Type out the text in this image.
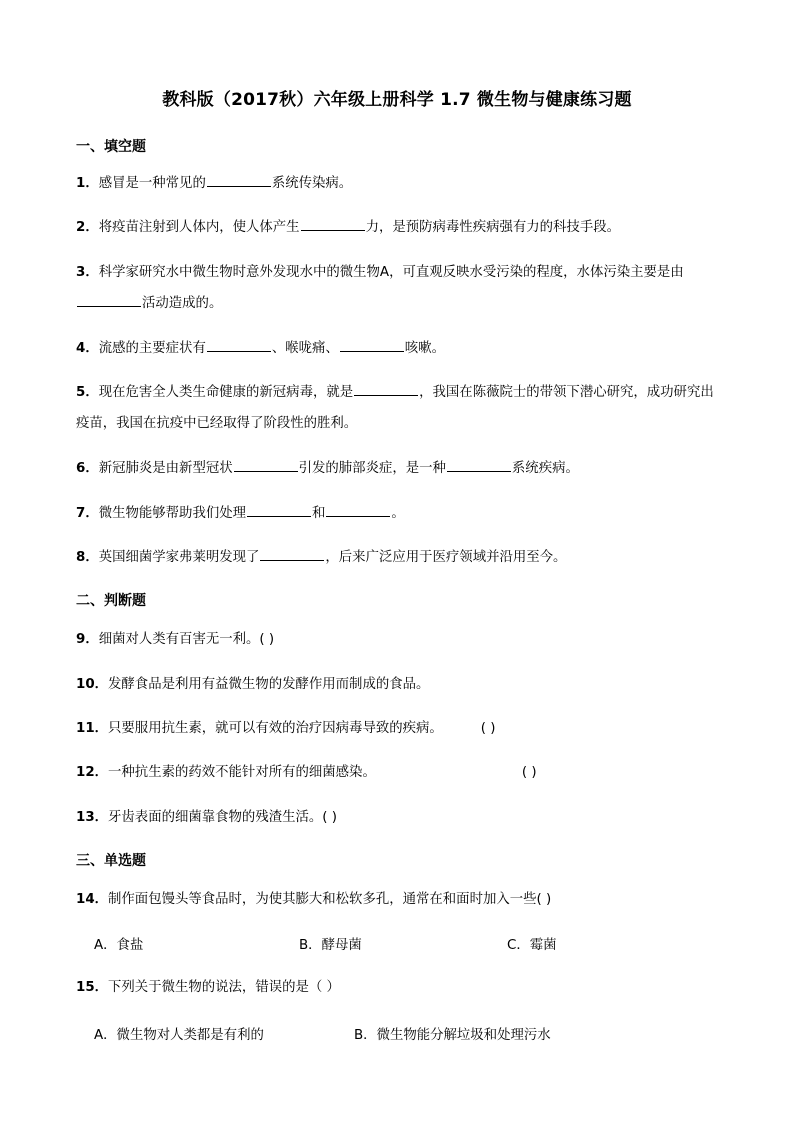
教科版（2017秋）六年级上册科学 1.7 微生物与健康练习题
一、填空题
1．感冒是一种常见的	系统传染病。
2．将疫苗注射到人体内，使人体产生	力，是预防病毒性疾病强有力的科技手段。
3．科学家研究水中微生物时意外发现水中的微生物A，可直观反映水受污染的程度，水体污染主要是由活动造成的。
4．流感的主要症状有	、喉咙痛、	咳嗽。
5．现在危害全人类生命健康的新冠病毒，就是	，我国在陈薇院士的带领下潜心研究，成功研究出疫苗，我国在抗疫中已经取得了阶段性的胜利。
6．新冠肺炎是由新型冠状	引发的肺部炎症，是一种	系统疾病。
7．微生物能够帮助我们处理	和	。
8．英国细菌学家弗莱明发现了	，后来广泛应用于医疗领域并沿用至今。
二、判断题
9．细菌对人类有百害无一利。( )
10．发酵食品是利用有益微生物的发酵作用而制成的食品。
11．只要服用抗生素，就可以有效的治疗因病毒导致的疾病。	( )
12．一种抗生素的药效不能针对所有的细菌感染。	( )
13．牙齿表面的细菌靠食物的残渣生活。( )
三、单选题
14．制作面包馒头等食品时，为使其膨大和松软多孔，通常在和面时加入一些( )
A．食盐	B．酵母菌	C．霉菌
15．下列关于微生物的说法，错误的是（ ）
A．微生物对人类都是有利的	B．微生物能分解垃圾和处理污水
